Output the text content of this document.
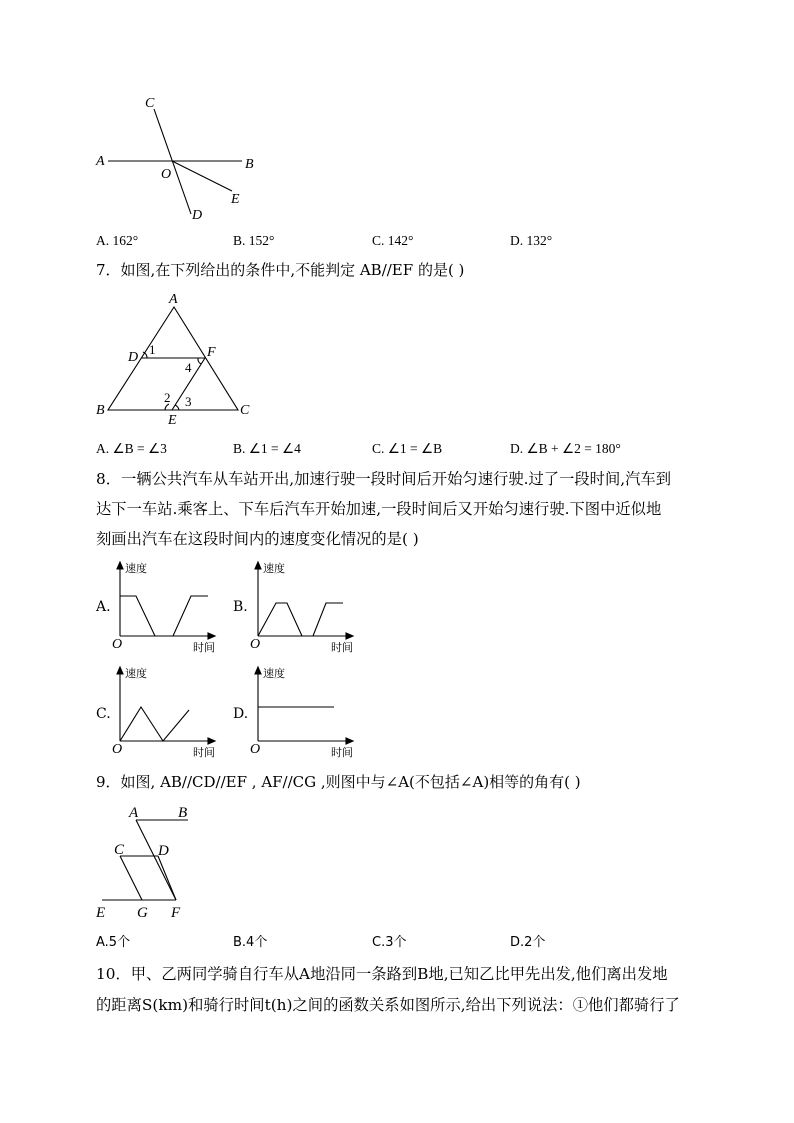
C
A
O
B
E
D
A. 162°	B. 152°	C. 142°	D. 132°
7．如图,在下列给出的条件中,不能判定 AB//EF 的是( )
A
D
1	F
4
2 3
B
E
C
A. ∠B = ∠3	B. ∠1 = ∠4	C. ∠1 = ∠B	D. ∠B + ∠2 = 180°
8．一辆公共汽车从车站开出,加速行驶一段时间后开始匀速行驶.过了一段时间,汽车到
达下一车站.乘客上、下车后汽车开始加速,一段时间后又开始匀速行驶.下图中近似地
刻画出汽车在这段时间内的速度变化情况的是( )
A.
速度
时间
O
B.
速度
时间
O
C.
速度
时间
O
D.
速度
时间
O
9．如图, AB//CD//EF , AF//CG ,则图中与∠A(不包括∠A)相等的角有( )
A	B
C D
E G F
A.5个	B.4个	C.3个	D.2个
10．甲、乙两同学骑自行车从A地沿同一条路到B地,已知乙比甲先出发,他们离出发地
的距离S(km)和骑行时间t(h)之间的函数关系如图所示,给出下列说法：①他们都骑行了
